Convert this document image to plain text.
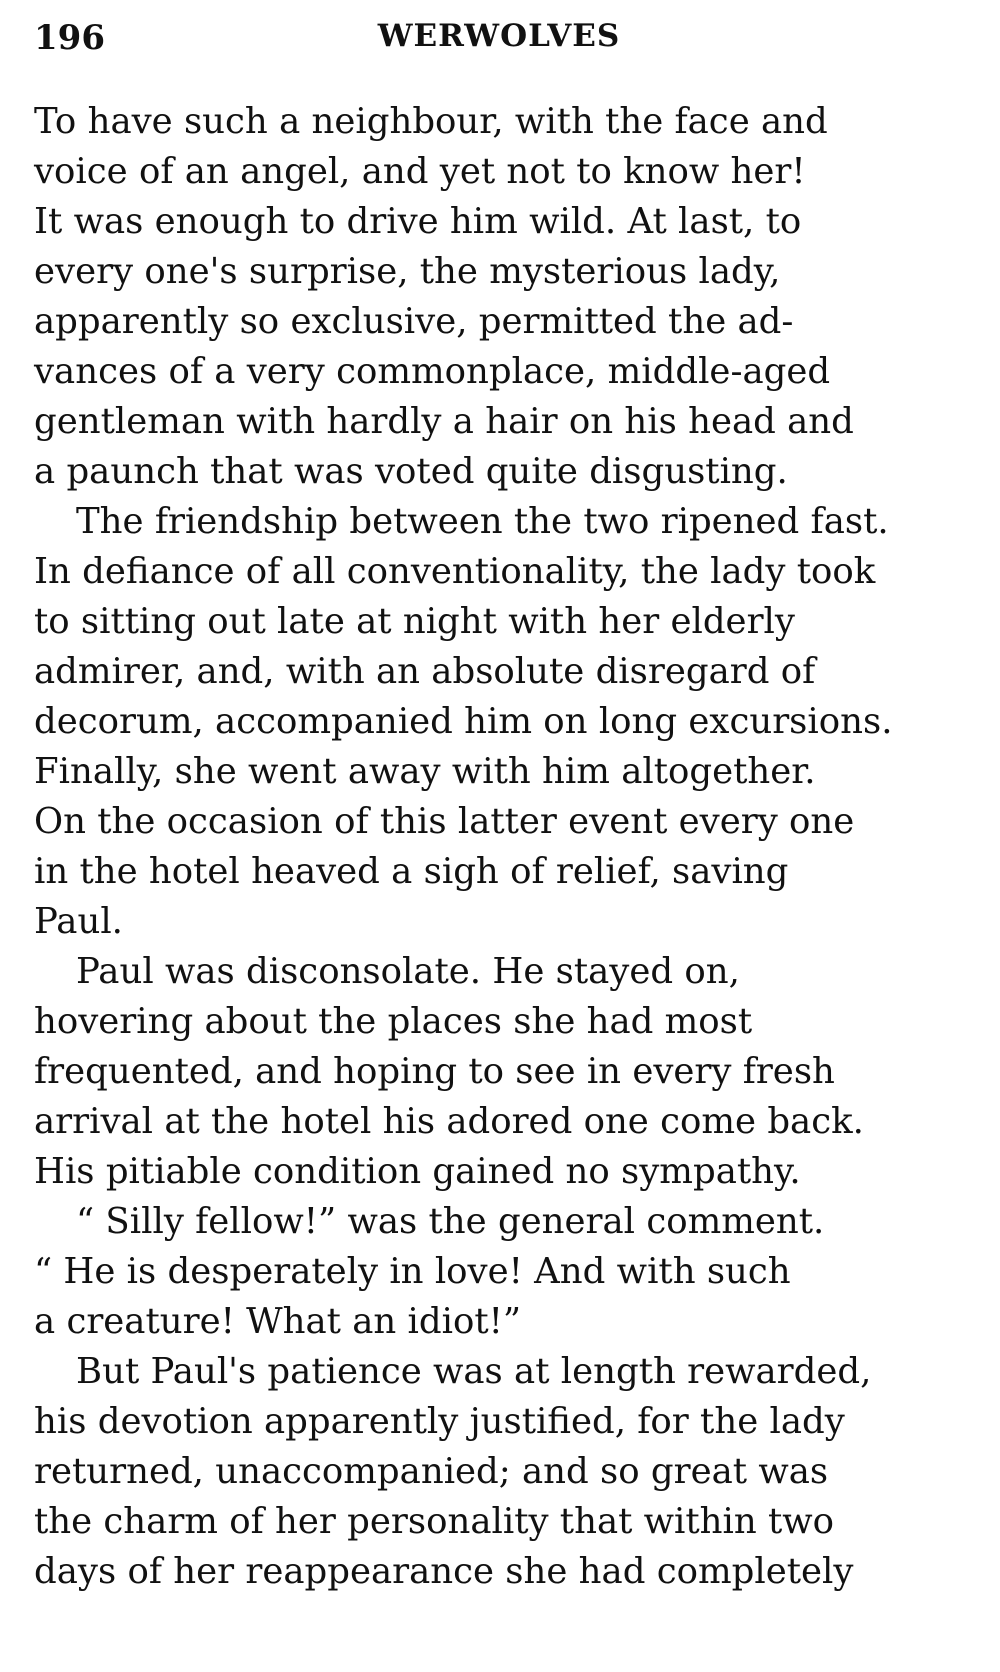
196	WERWOLVES
To have such a neighbour, with the face and
voice of an angel, and yet not to know her!
It was enough to drive him wild. At last, to
every one's surprise, the mysterious lady,
apparently so exclusive, permitted the ad-
vances of a very commonplace, middle-aged
gentleman with hardly a hair on his head and
a paunch that was voted quite disgusting.
The friendship between the two ripened fast.
In defiance of all conventionality, the lady took
to sitting out late at night with her elderly
admirer, and, with an absolute disregard of
decorum, accompanied him on long excursions.
Finally, she went away with him altogether.
On the occasion of this latter event every one
in the hotel heaved a sigh of relief, saving
Paul.
Paul was disconsolate. He stayed on,
hovering about the places she had most
frequented, and hoping to see in every fresh
arrival at the hotel his adored one come back.
His pitiable condition gained no sympathy.
“ Silly fellow!” was the general comment.
“ He is desperately in love! And with such
a creature! What an idiot!”
But Paul's patience was at length rewarded,
his devotion apparently justified, for the lady
returned, unaccompanied; and so great was
the charm of her personality that within two
days of her reappearance she had completely
